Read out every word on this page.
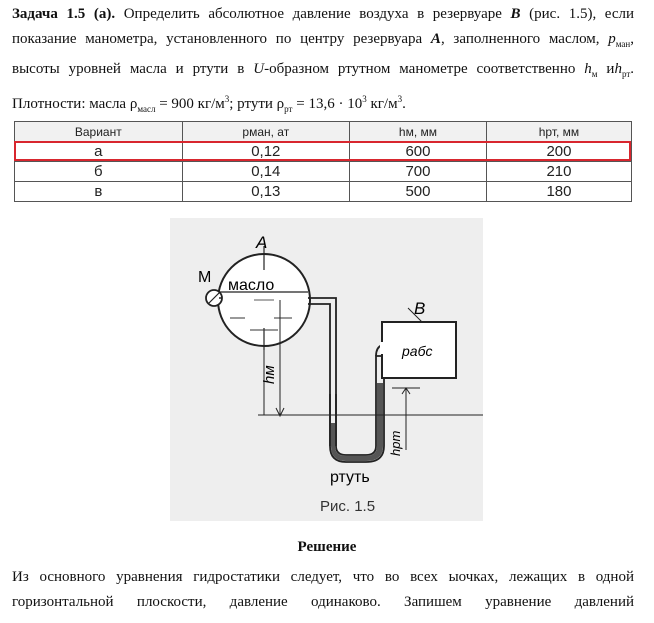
Задача 1.5 (а). Определить абсолютное давление воздуха в резервуаре B (рис. 1.5), если
показание манометра, установленного по центру резервуара A, заполненного маслом, $p_{ман}$,
высоты уровней масла и ртути в U-образном ртутном манометре соответственно $h_м$ $иh_{рт}$.
Плотности: масла $\rho_{масл} = 900$ $кг/м^3$; ртути $\rho_{рт} = 13,6 \cdot 10^3$ $кг/м^3$.
Вариант	pман, ат	hм, мм	hрт, мм
а	0,12	600	200
б	0,14	700	210
в	0,13	500	180
A
M масло
B
pабс
hм
hрт
ртуть
Рис. 1.5
Решение
Из основного уравнения гидростатики следует, что во всех ыочках, лежащих в одной
горизонтальной плоскости, давление одинаково. Запишем уравнение давлений
